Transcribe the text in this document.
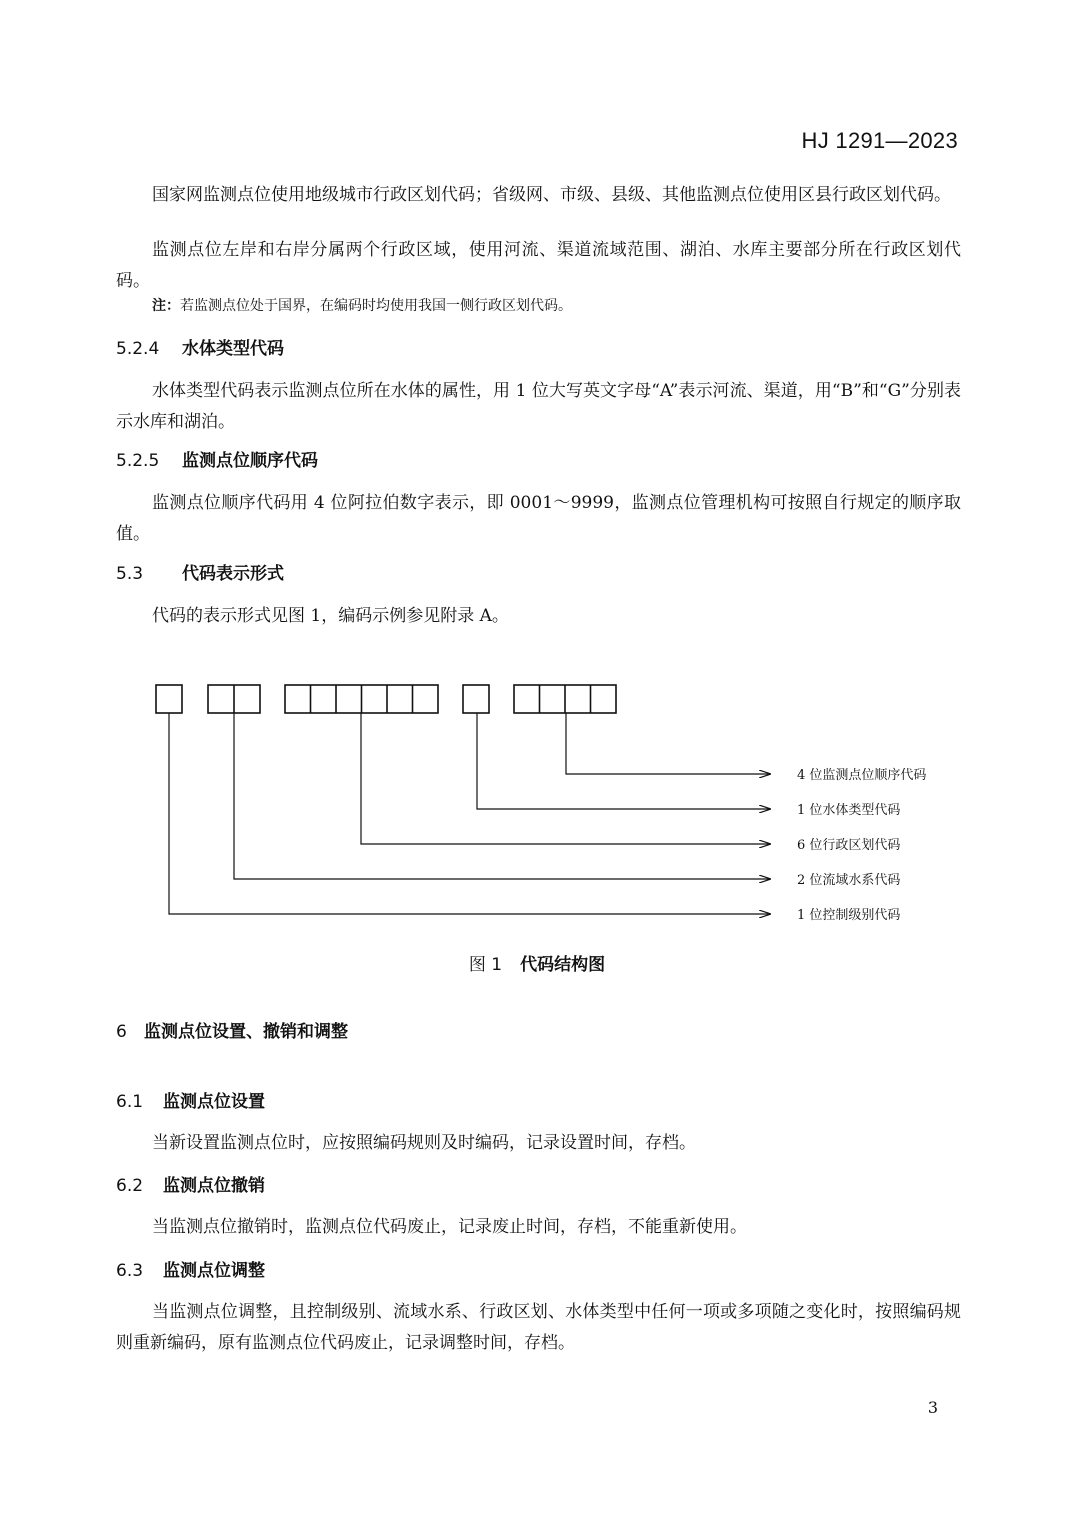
HJ 1291—2023

国家网监测点位使用地级城市行政区划代码；省级网、市级、县级、其他监测点位使用区县行政区划代码。

监测点位左岸和右岸分属两个行政区域，使用河流、渠道流域范围、湖泊、水库主要部分所在行政区划代码。

注：若监测点位处于国界，在编码时均使用我国一侧行政区划代码。
5.2.4 水体类型代码

水体类型代码表示监测点位所在水体的属性，用 1 位大写英文字母“A”表示河流、渠道，用“B”和“G”分别表示水库和湖泊。

5.2.5 监测点位顺序代码

监测点位顺序代码用 4 位阿拉伯数字表示，即 0001～9999，监测点位管理机构可按照自行规定的顺序取值。

5.3 代码表示形式

代码的表示形式见图 1，编码示例参见附录 A。

4 位监测点位顺序代码
1 位水体类型代码
6 位行政区划代码
2 位流域水系代码
1 位控制级别代码
图 1 代码结构图
6 监测点位设置、撤销和调整
6.1 监测点位设置

当新设置监测点位时，应按照编码规则及时编码，记录设置时间，存档。

6.2 监测点位撤销

当监测点位撤销时，监测点位代码废止，记录废止时间，存档，不能重新使用。

6.3 监测点位调整

当监测点位调整，且控制级别、流域水系、行政区划、水体类型中任何一项或多项随之变化时，按照编码规则重新编码，原有监测点位代码废止，记录调整时间，存档。

3
